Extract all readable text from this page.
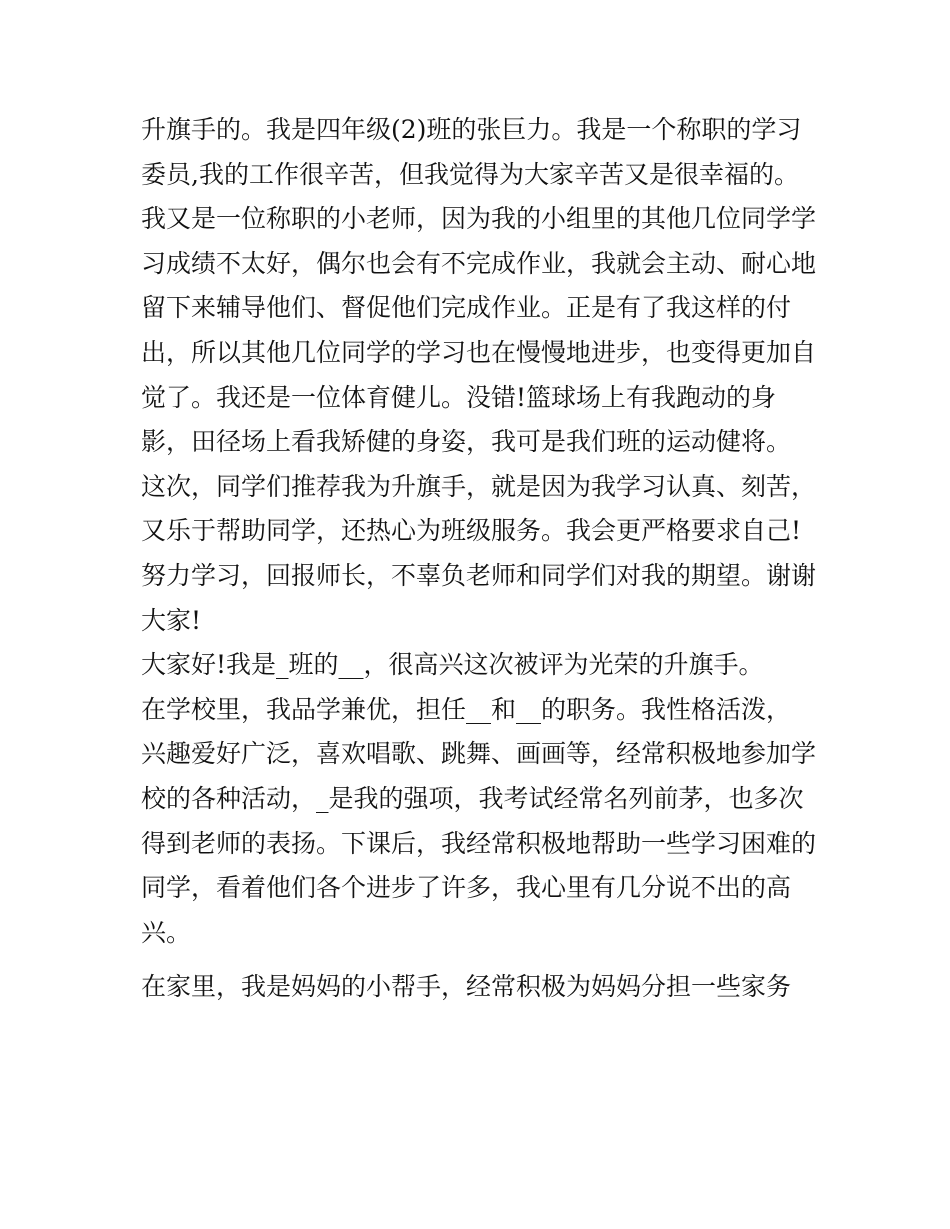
升旗手的。我是四年级(2)班的张巨力。我是一个称职的学习
委员,我的工作很辛苦，但我觉得为大家辛苦又是很幸福的。
我又是一位称职的小老师，因为我的小组里的其他几位同学学
习成绩不太好，偶尔也会有不完成作业，我就会主动、耐心地
留下来辅导他们、督促他们完成作业。正是有了我这样的付
出，所以其他几位同学的学习也在慢慢地进步，也变得更加自
觉了。我还是一位体育健儿。没错!篮球场上有我跑动的身
影，田径场上看我矫健的身姿，我可是我们班的运动健将。
这次，同学们推荐我为升旗手，就是因为我学习认真、刻苦，
又乐于帮助同学，还热心为班级服务。我会更严格要求自己!
努力学习，回报师长，不辜负老师和同学们对我的期望。谢谢
大家!
大家好!我是_班的__，很高兴这次被评为光荣的升旗手。
在学校里，我品学兼优，担任__和__的职务。我性格活泼，
兴趣爱好广泛，喜欢唱歌、跳舞、画画等，经常积极地参加学
校的各种活动，_是我的强项，我考试经常名列前茅，也多次
得到老师的表扬。下课后，我经常积极地帮助一些学习困难的
同学，看着他们各个进步了许多，我心里有几分说不出的高
兴。
在家里，我是妈妈的小帮手，经常积极为妈妈分担一些家务
